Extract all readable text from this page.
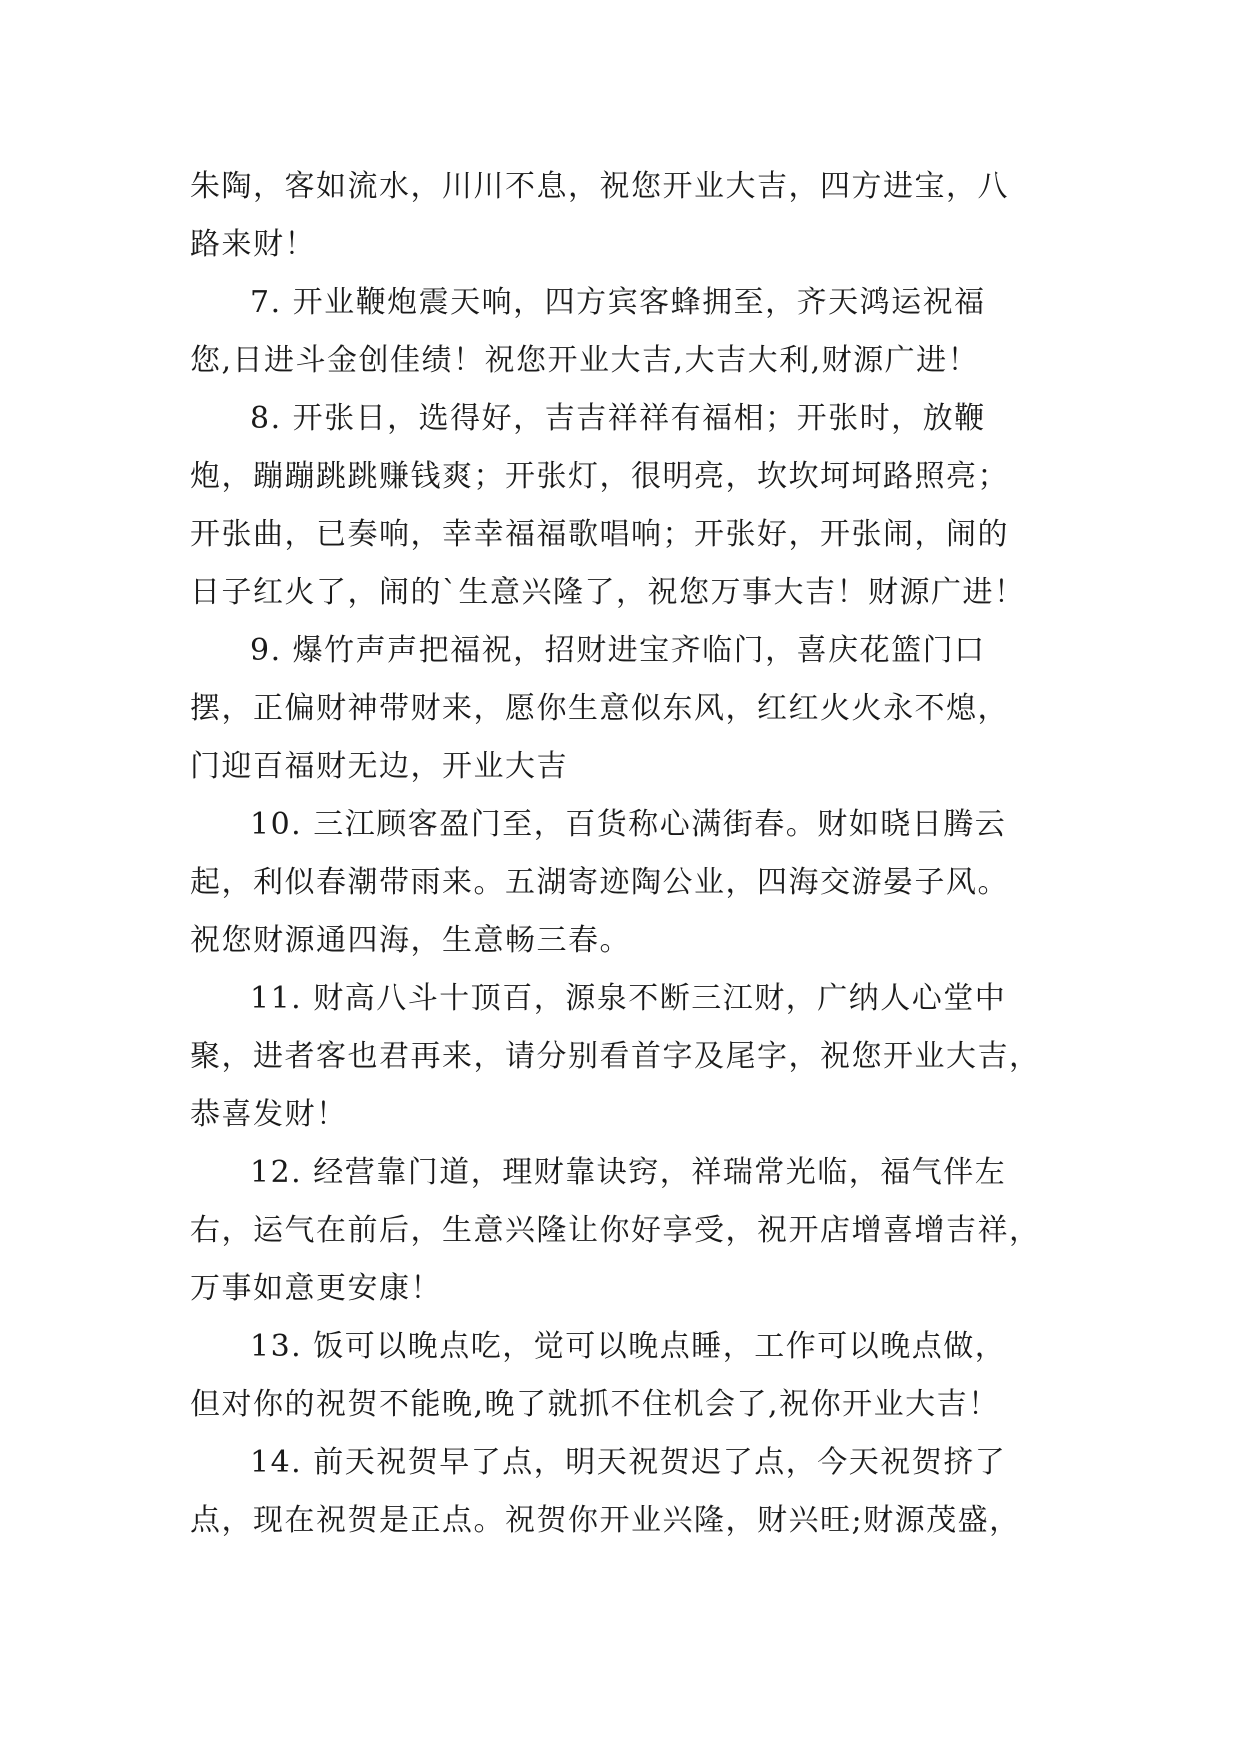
朱陶，客如流水，川川不息，祝您开业大吉，四方进宝，八
路来财！
7. 开业鞭炮震天响，四方宾客蜂拥至，齐天鸿运祝福
您,日进斗金创佳绩！祝您开业大吉,大吉大利,财源广进！
8. 开张日，选得好，吉吉祥祥有福相；开张时，放鞭
炮，蹦蹦跳跳赚钱爽；开张灯，很明亮，坎坎坷坷路照亮；
开张曲，已奏响，幸幸福福歌唱响；开张好，开张闹，闹的
日子红火了，闹的`生意兴隆了，祝您万事大吉！财源广进！
9. 爆竹声声把福祝，招财进宝齐临门，喜庆花篮门口
摆，正偏财神带财来，愿你生意似东风，红红火火永不熄，
门迎百福财无边，开业大吉
10. 三江顾客盈门至，百货称心满街春。财如晓日腾云
起，利似春潮带雨来。五湖寄迹陶公业，四海交游晏子风。
祝您财源通四海，生意畅三春。
11. 财高八斗十顶百，源泉不断三江财，广纳人心堂中
聚，进者客也君再来，请分别看首字及尾字，祝您开业大吉，
恭喜发财！
12. 经营靠门道，理财靠诀窍，祥瑞常光临，福气伴左
右，运气在前后，生意兴隆让你好享受，祝开店增喜增吉祥，
万事如意更安康！
13. 饭可以晚点吃，觉可以晚点睡，工作可以晚点做，
但对你的祝贺不能晚,晚了就抓不住机会了,祝你开业大吉！
14. 前天祝贺早了点，明天祝贺迟了点，今天祝贺挤了
点，现在祝贺是正点。祝贺你开业兴隆，财兴旺;财源茂盛，
